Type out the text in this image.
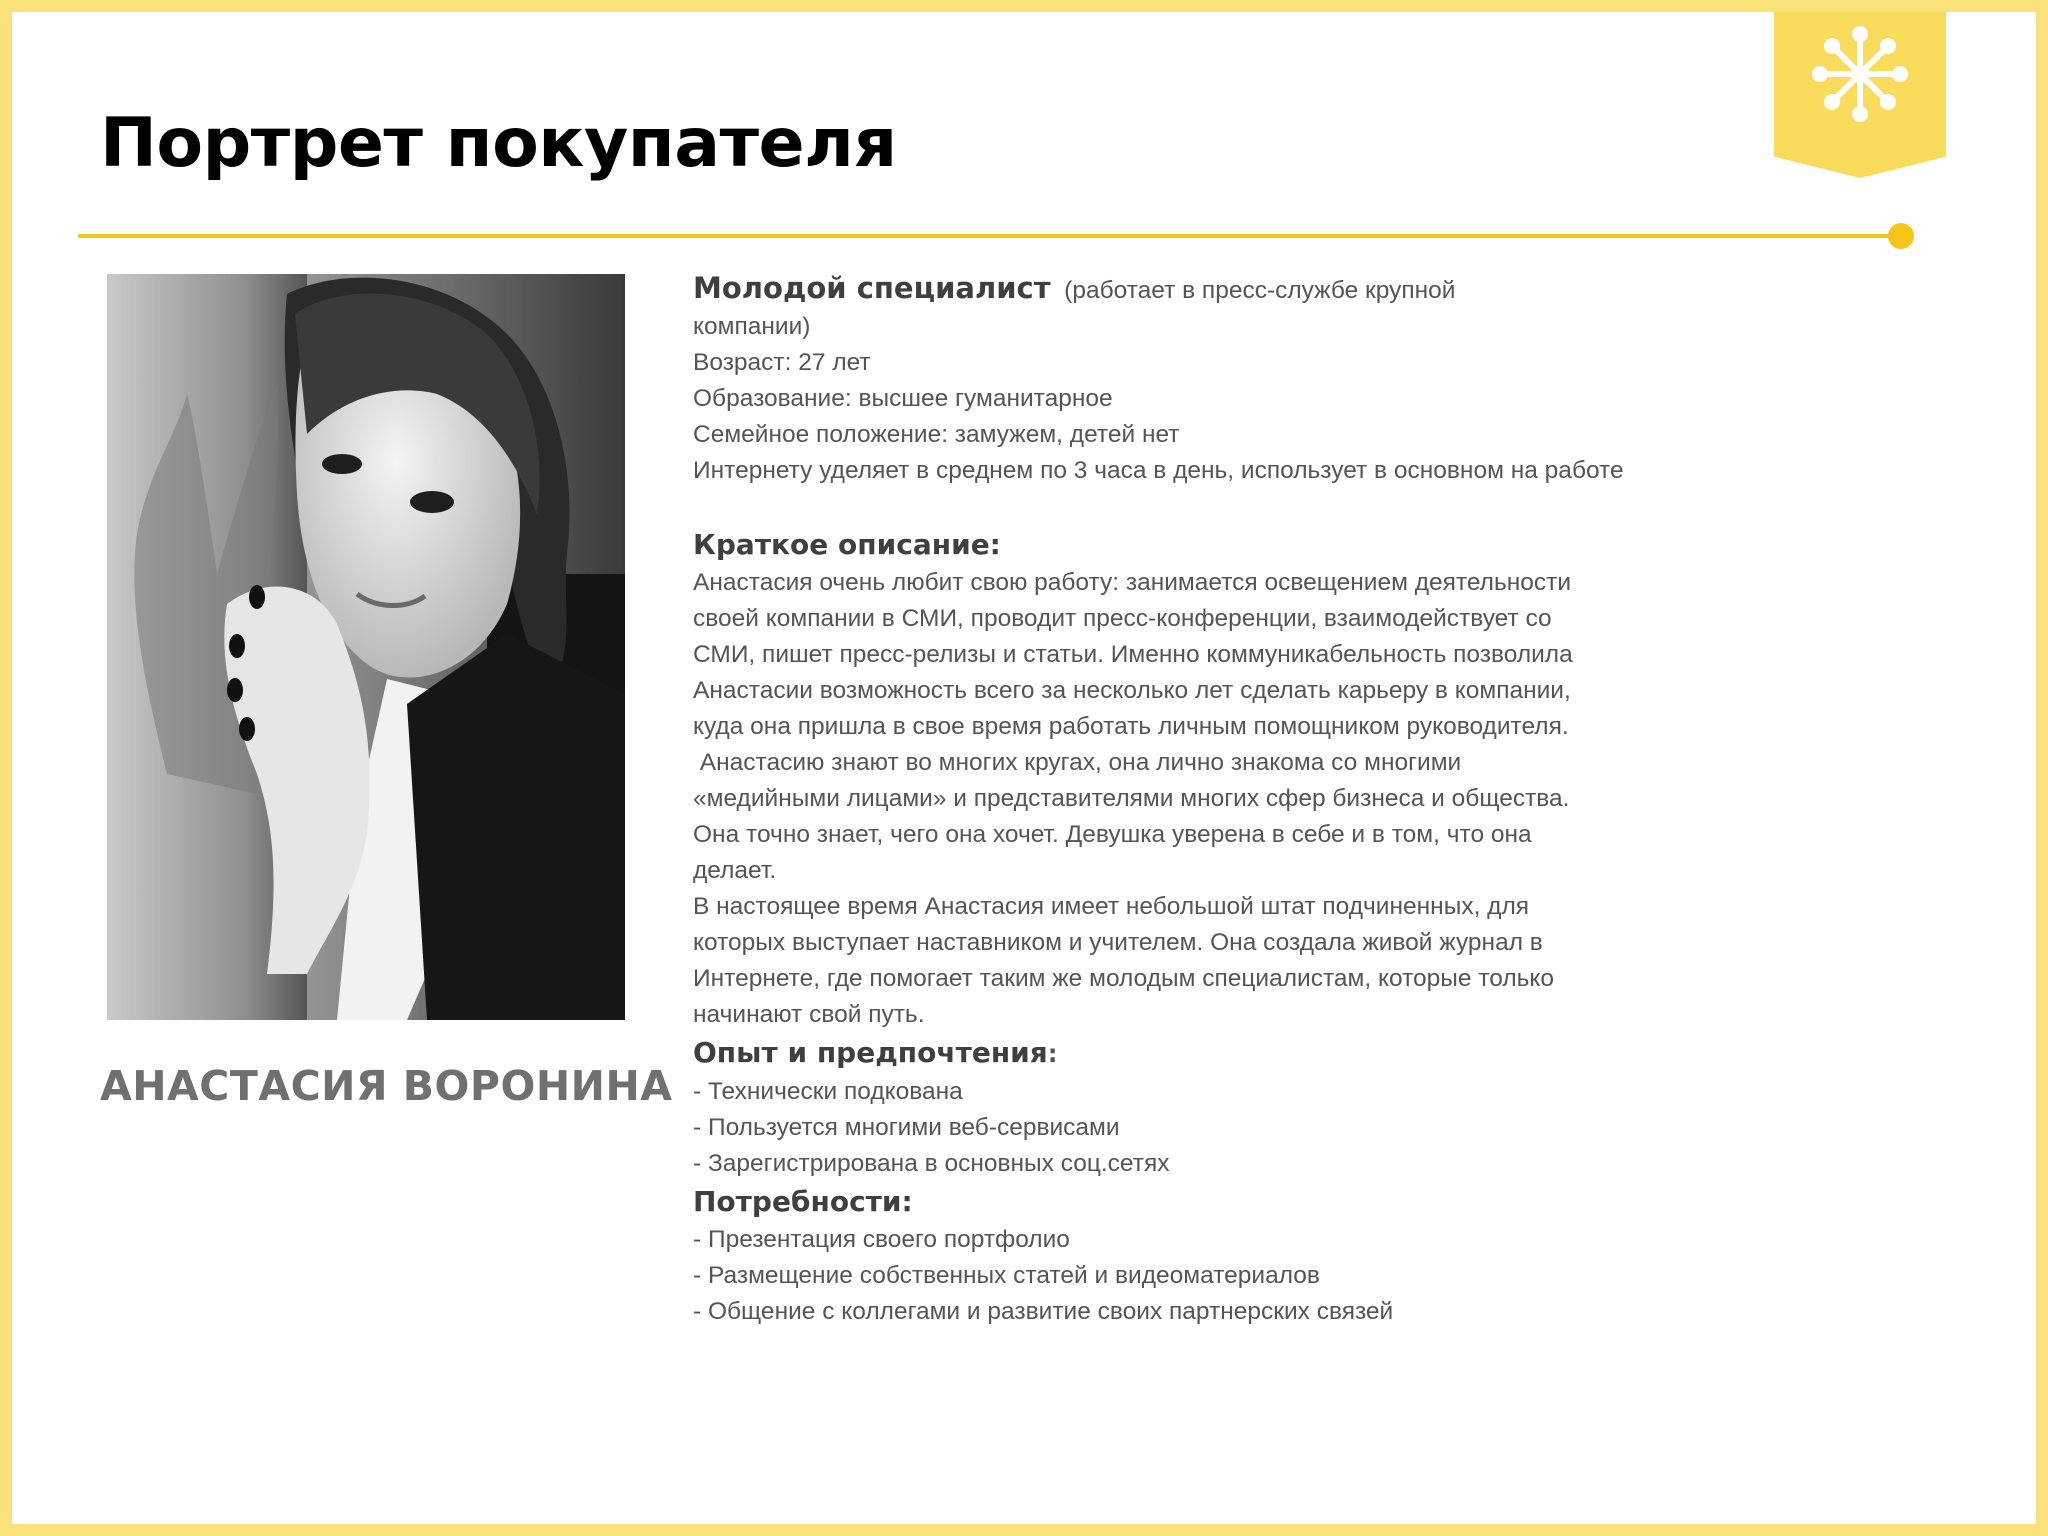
Портрет покупателя
АНАСТАСИЯ ВОРОНИНА

Молодой специалист (работает в пресс-службе крупной

компании)
Возраст: 27 лет
Образование: высшее гуманитарное
Семейное положение: замужем, детей нет
Интернету уделяет в среднем по 3 часа в день, использует в основном на работе
Краткое описание:
Анастасия очень любит свою работу: занимается освещением деятельности
своей компании в СМИ, проводит пресс-конференции, взаимодействует со
СМИ, пишет пресс-релизы и статьи. Именно коммуникабельность позволила
Анастасии возможность всего за несколько лет сделать карьеру в компании,
куда она пришла в свое время работать личным помощником руководителя.
Анастасию знают во многих кругах, она лично знакома со многими
«медийными лицами» и представителями многих сфер бизнеса и общества.
Она точно знает, чего она хочет. Девушка уверена в себе и в том, что она
делает.
В настоящее время Анастасия имеет небольшой штат подчиненных, для
которых выступает наставником и учителем. Она создала живой журнал в
Интернете, где помогает таким же молодым специалистам, которые только
начинают свой путь.
Опыт и предпочтения:
- Технически подкована
- Пользуется многими веб-сервисами
- Зарегистрирована в основных соц.сетях
Потребности:
- Презентация своего портфолио
- Размещение собственных статей и видеоматериалов
- Общение с коллегами и развитие своих партнерских связей
